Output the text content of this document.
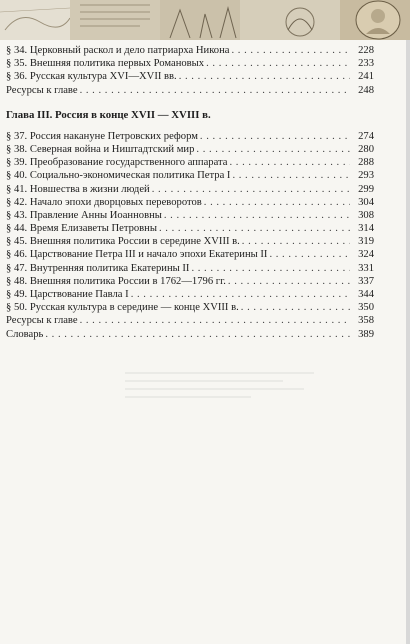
§ 34. Церковный раскол и дело патриарха Никона . . .	228
§ 35. Внешняя политика первых Романовых . . .	233
§ 36. Русская культура XVI—XVII вв. . . .	241
Ресурсы к главе . . .	248
Глава III. Россия в конце XVII — XVIII в.
§ 37. Россия накануне Петровских реформ . . .	274
§ 38. Северная война и Ништадтский мир . . .	280
§ 39. Преобразование государственного аппарата . . .	288
§ 40. Социально-экономическая политика Петра I . . .	293
§ 41. Новшества в жизни людей . . .	299
§ 42. Начало эпохи дворцовых переворотов . . .	304
§ 43. Правление Анны Иоанновны . . .	308
§ 44. Время Елизаветы Петровны . . .	314
§ 45. Внешняя политика России в середине XVIII в. . . .	319
§ 46. Царствование Петра III и начало эпохи Екатерины II . . .	324
§ 47. Внутренняя политика Екатерины II . . .	331
§ 48. Внешняя политика России в 1762—1796 гг. . . .	337
§ 49. Царствование Павла I . . .	344
§ 50. Русская культура в середине — конце XVIII в. . . .	350
Ресурсы к главе . . .	358
Словарь . . .	389
